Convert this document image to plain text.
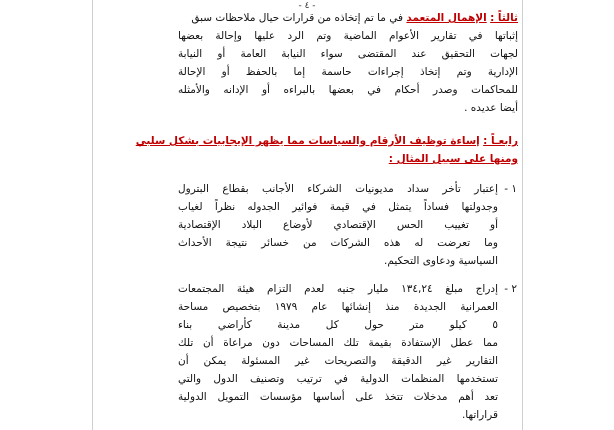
- ٤ -
ثالثاً : الإهمال المتعمد في ما تم إتخاذه من قرارات حيال ملاحظات سبق
إثباتها في تقارير الأعوام الماضية وتم الرد عليها وإحالة بعضها
لجهات التحقيق عند المقتضى سواء النيابة العامة أو النيابة
الإدارية وتم إتخاذ إجراءات حاسمة إما بالحفظ أو الإحالة
للمحاكمات وصدر أحكام في بعضها بالبراءه أو الإدانه والأمثله
أيضا عديده .
رابعـاً : إساءة توظيف الأرقام والسياسات مما يظهر الإيجابيات بشكل سلبي
ومنها على سبيل المثال :
١ -
إعتبار تأخر سداد مديونيات الشركاء الأجانب بقطاع البترول
وجدولتها فساداً يتمثل في قيمة فوائير الجدوله نظراً لغياب
أو تغييب الحس الإقتصادي لأوضاع البلاد الإقتصادية
وما تعرضت له هذه الشركات من خسائر نتيجة الأحداث
السياسية ودعاوى التحكيم.
٢ -
إدراج مبلغ ١٣٤,٢٤ مليار جنيه لعدم التزام هيئة المجتمعات
العمرانية الجديدة منذ إنشائها عام ١٩٧٩ بتخصيص مساحة
٥ كيلو متر حول كل مدينة كأراضي بناء
مما عطل الإستفادة بقيمة تلك المساحات دون مراعاة أن تلك
التقارير غير الدقيقة والتصريحات غير المسئولة يمكن أن
تستخدمها المنظمات الدولية في ترتيب وتصنيف الدول والتي
تعد أهم مدخلات تتخذ على أساسها مؤسسات التمويل الدولية
قراراتها.
